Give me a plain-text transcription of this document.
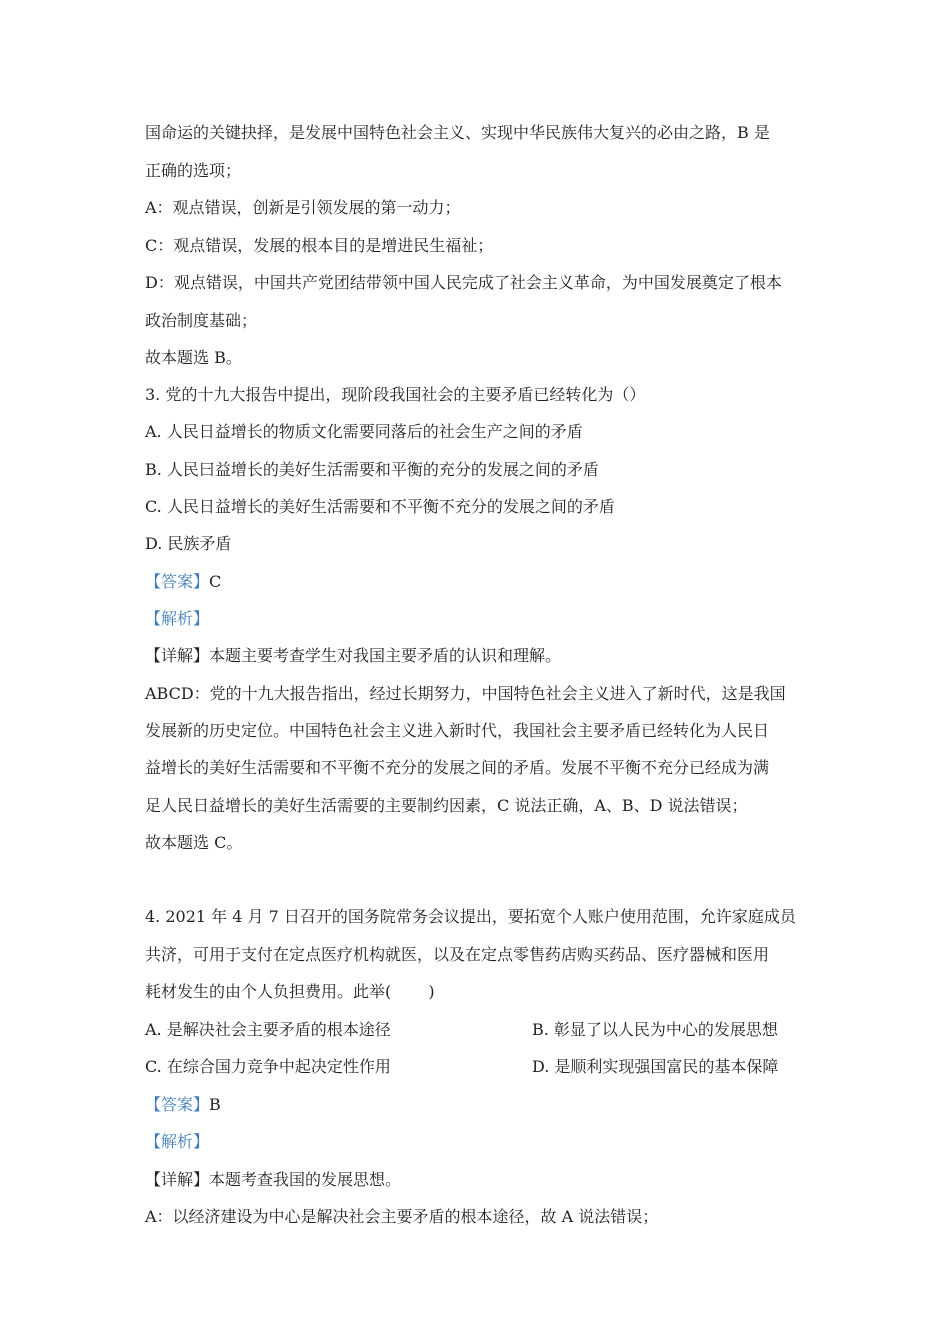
国命运的关键抉择，是发展中国特色社会主义、实现中华民族伟大复兴的必由之路，B 是
正确的选项；
A：观点错误，创新是引领发展的第一动力；
C：观点错误，发展的根本目的是增进民生福祉；
D：观点错误，中国共产党团结带领中国人民完成了社会主义革命，为中国发展奠定了根本
政治制度基础；
故本题选 B。
3. 党的十九大报告中提出，现阶段我国社会的主要矛盾已经转化为（）
A. 人民日益增长的物质文化需要同落后的社会生产之间的矛盾
B. 人民曰益增长的美好生活需要和平衡的充分的发展之间的矛盾
C. 人民日益增长的美好生活需要和不平衡不充分的发展之间的矛盾
D. 民族矛盾
【答案】C
【解析】
【详解】本题主要考查学生对我国主要矛盾的认识和理解。
ABCD：党的十九大报告指出，经过长期努力，中国特色社会主义进入了新时代，这是我国
发展新的历史定位。中国特色社会主义进入新时代，我国社会主要矛盾已经转化为人民日
益增长的美好生活需要和不平衡不充分的发展之间的矛盾。发展不平衡不充分已经成为满
足人民日益增长的美好生活需要的主要制约因素，C 说法正确，A、B、D 说法错误；
故本题选 C。
4. 2021 年 4 月 7 日召开的国务院常务会议提出，要拓宽个人账户使用范围，允许家庭成员
共济，可用于支付在定点医疗机构就医，以及在定点零售药店购买药品、医疗器械和医用
耗材发生的由个人负担费用。此举(　　 )
A. 是解决社会主要矛盾的根本途径	B. 彰显了以人民为中心的发展思想
C. 在综合国力竞争中起决定性作用	D. 是顺利实现强国富民的基本保障
【答案】B
【解析】
【详解】本题考查我国的发展思想。
A：以经济建设为中心是解决社会主要矛盾的根本途径，故 A 说法错误；
